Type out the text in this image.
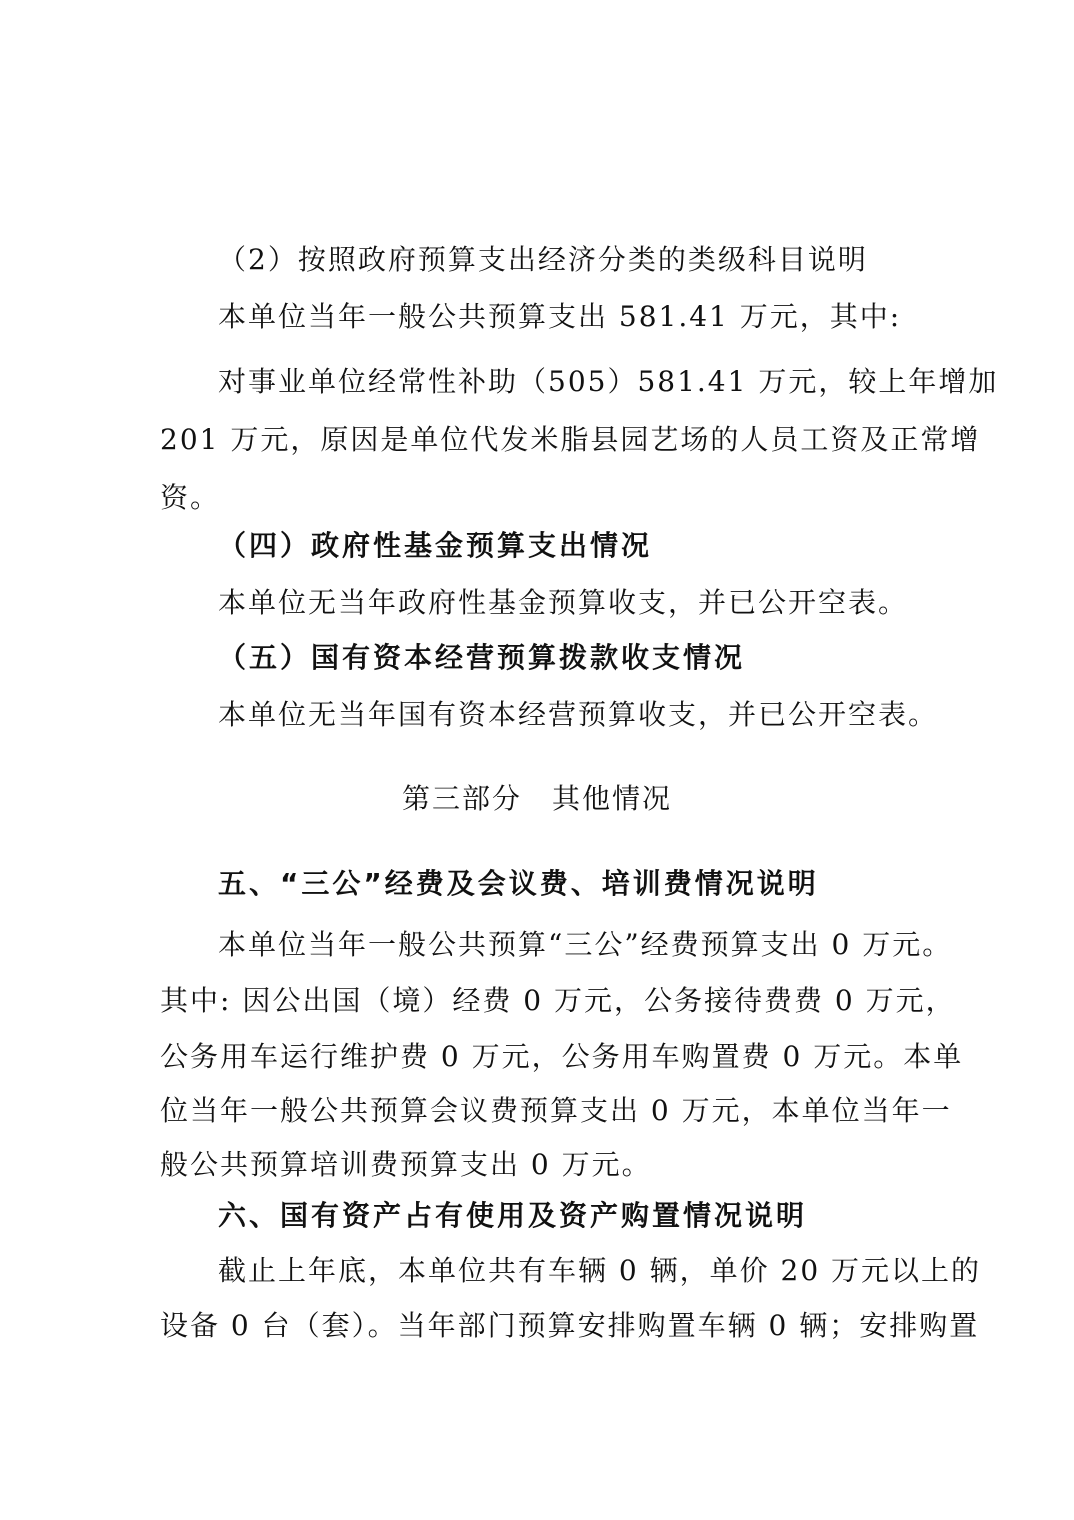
（2）按照政府预算支出经济分类的类级科目说明
本单位当年一般公共预算支出 581.41 万元，其中:
对事业单位经常性补助（505）581.41 万元，较上年增加
201 万元，原因是单位代发米脂县园艺场的人员工资及正常增
资。
（四）政府性基金预算支出情况
本单位无当年政府性基金预算收支，并已公开空表。
（五）国有资本经营预算拨款收支情况
本单位无当年国有资本经营预算收支，并已公开空表。
第三部分　其他情况
五、“三公”经费及会议费、培训费情况说明
本单位当年一般公共预算“三公”经费预算支出 0 万元。
其中: 因公出国（境）经费 0 万元，公务接待费费 0 万元，
公务用车运行维护费 0 万元，公务用车购置费 0 万元。本单
位当年一般公共预算会议费预算支出 0 万元，本单位当年一
般公共预算培训费预算支出 0 万元。
六、国有资产占有使用及资产购置情况说明
截止上年底，本单位共有车辆 0 辆，单价 20 万元以上的
设备 0 台（套）。当年部门预算安排购置车辆 0 辆；安排购置
